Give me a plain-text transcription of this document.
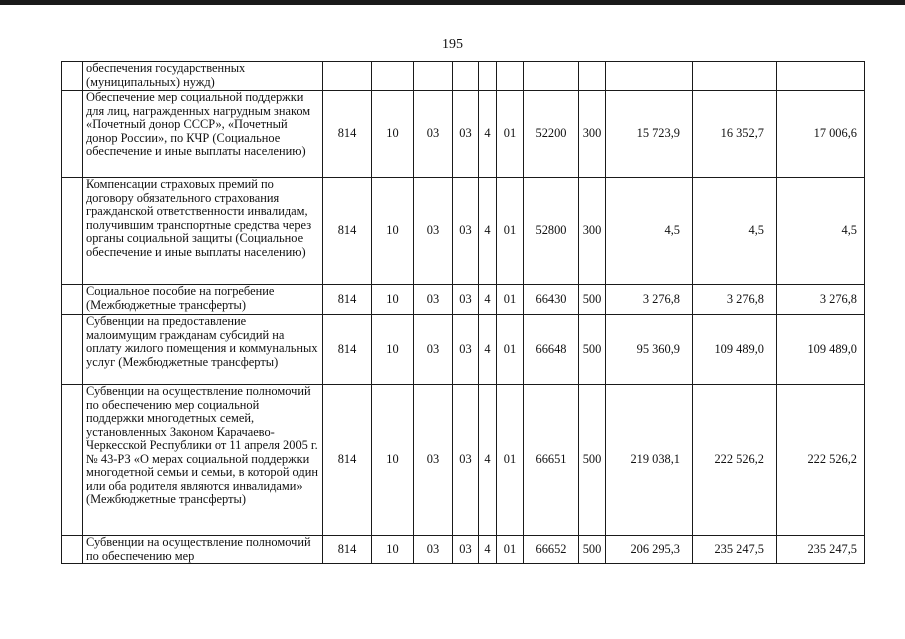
195
	обеспечения государственных (муниципальных) нужд)											
	Обеспечение мер социальной поддержки для лиц, награжденных нагрудным знаком «Почетный донор СССР», «Почетный донор России», по КЧР (Социальное обеспечение и иные выплаты населению)	814	10	03	03	4	01	52200	300	15 723,9	16 352,7	17 006,6
	Компенсации страховых премий по договору обязательного страхования гражданской ответственности инвалидам, получившим транспортные средства через органы социальной защиты (Социальное обеспечение и иные выплаты населению)	814	10	03	03	4	01	52800	300	4,5	4,5	4,5
	Социальное пособие на погребение (Межбюджетные трансферты)	814	10	03	03	4	01	66430	500	3 276,8	3 276,8	3 276,8
	Субвенции на предоставление малоимущим гражданам субсидий на оплату жилого помещения и коммунальных услуг (Межбюджетные трансферты)	814	10	03	03	4	01	66648	500	95 360,9	109 489,0	109 489,0
	Субвенции на осуществление полномочий по обеспечению мер социальной поддержки многодетных семей, установленных Законом Карачаево-Черкесской Республики от 11 апреля 2005 г. № 43-РЗ «О мерах социальной поддержки многодетной семьи и семьи, в которой один или оба родителя являются инвалидами» (Межбюджетные трансферты)	814	10	03	03	4	01	66651	500	219 038,1	222 526,2	222 526,2
	Субвенции на осуществление полномочий по обеспечению мер	814	10	03	03	4	01	66652	500	206 295,3	235 247,5	235 247,5
